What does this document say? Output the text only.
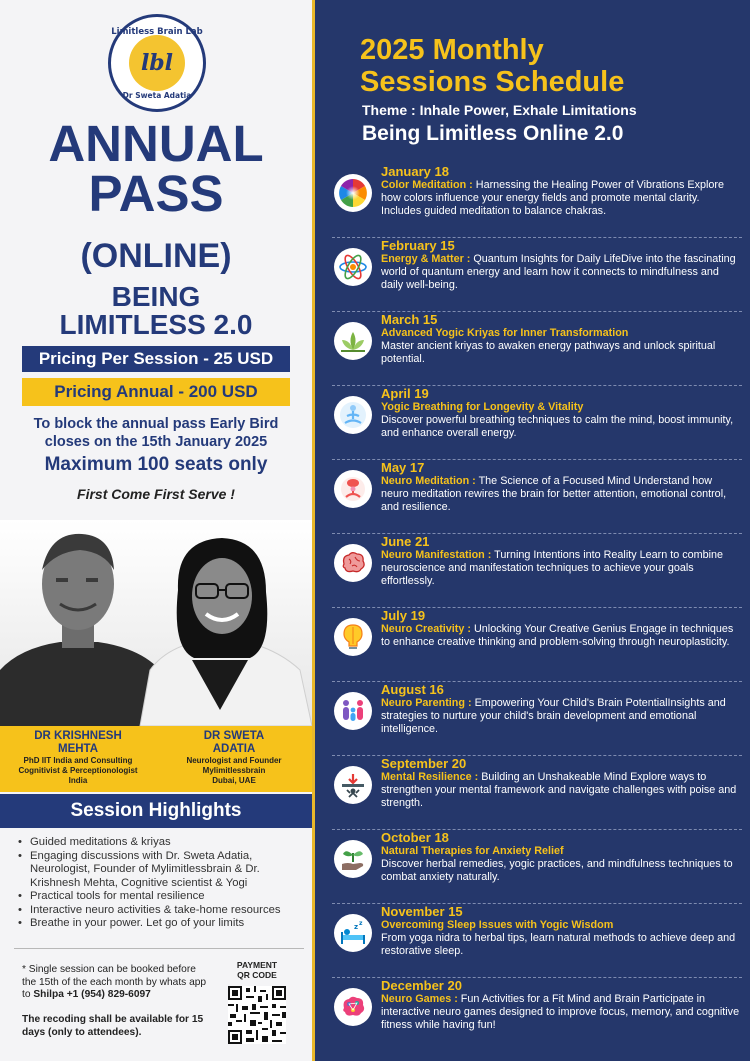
Limitless Brain Lab
lbl
Dr Sweta Adatia
ANNUAL
PASS
(ONLINE)
BEING
LIMITLESS 2.0
Pricing Per Session - 25 USD
Pricing Annual - 200 USD
To block the annual pass Early Bird
closes on the 15th January 2025
Maximum 100 seats only
First Come First Serve !
DR KRISHNESH
MEHTA
PhD IIT India and Consulting
Cognitivist & Perceptionologist
India
DR SWETA
ADATIA
Neurologist and Founder
Mylimitlessbrain
Dubai, UAE
Session Highlights
• Guided meditations & kriyas
• Engaging discussions with Dr. Sweta Adatia, Neurologist, Founder of Mylimitlessbrain & Dr. Krishnesh Mehta, Cognitive scientist & Yogi
• Practical tools for mental resilience
• Interactive neuro activities & take-home resources
• Breathe in your power. Let go of your limits
* Single session can be booked before the 15th of the each month by whats app to Shilpa +1 (954) 829-6097
The recoding shall be available for 15 days (only to attendees).
PAYMENT
QR CODE
2025 Monthly
Sessions Schedule
Theme : Inhale Power, Exhale Limitations
Being Limitless Online 2.0
January 18
Color Meditation : Harnessing the Healing Power of Vibrations Explore how colors influence your energy fields and promote mental clarity. Includes guided meditation to balance chakras.
February 15
Energy & Matter : Quantum Insights for Daily LifeDive into the fascinating world of quantum energy and learn how it connects to mindfulness and daily well-being.
March 15
Advanced Yogic Kriyas for Inner Transformation
Master ancient kriyas to awaken energy pathways and unlock spiritual potential.
April 19
Yogic Breathing for Longevity & Vitality
Discover powerful breathing techniques to calm the mind, boost immunity, and enhance overall energy.
May 17
Neuro Meditation : The Science of a Focused Mind Understand how neuro meditation rewires the brain for better attention, emotional control, and resilience.
June 21
Neuro Manifestation : Turning Intentions into Reality Learn to combine neuroscience and manifestation techniques to achieve your goals effortlessly.
July 19
Neuro Creativity : Unlocking Your Creative Genius Engage in techniques to enhance creative thinking and problem-solving through neuroplasticity.
August 16
Neuro Parenting : Empowering Your Child's Brain PotentialInsights and strategies to nurture your child's brain development and emotional intelligence.
September 20
Mental Resilience : Building an Unshakeable Mind Explore ways to strengthen your mental framework and navigate challenges with poise and strength.
October 18
Natural Therapies for Anxiety Relief
Discover herbal remedies, yogic practices, and mindfulness techniques to combat anxiety naturally.
z z
November 15
Overcoming Sleep Issues with Yogic Wisdom
From yoga nidra to herbal tips, learn natural methods to achieve deep and restorative sleep.
December 20
Neuro Games : Fun Activities for a Fit Mind and Brain Participate in interactive neuro games designed to improve focus, memory, and cognitive fitness while having fun!
